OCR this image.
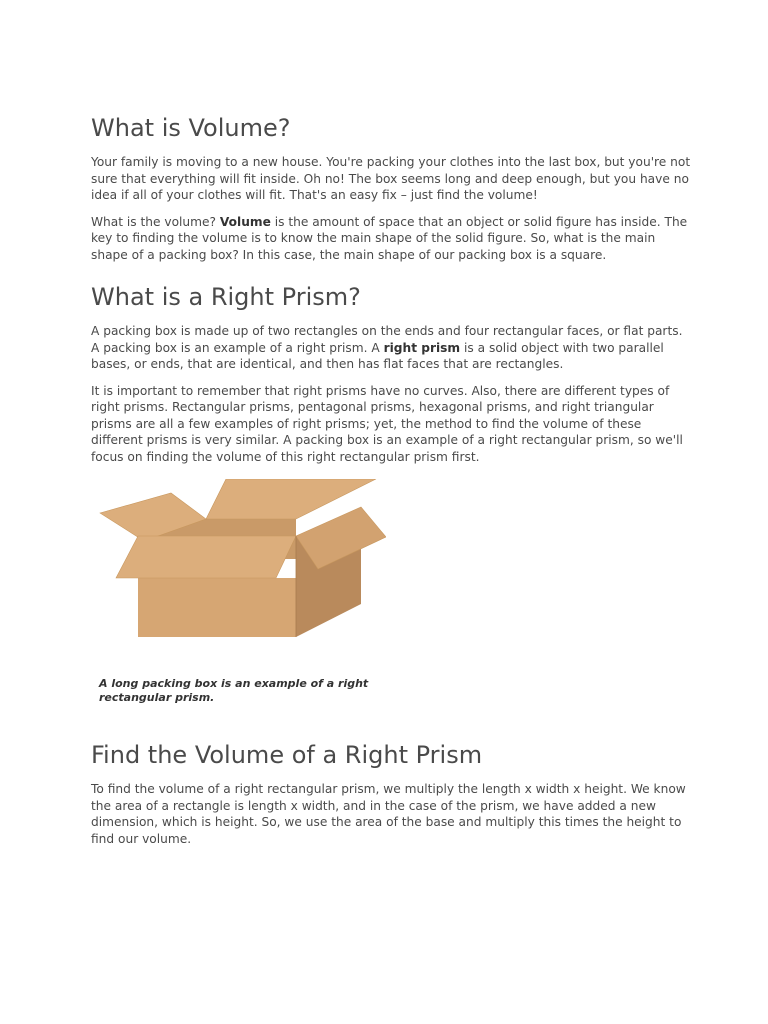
What is Volume?

Your family is moving to a new house. You're packing your clothes into the last box, but you're not sure that everything will fit inside. Oh no! The box seems long and deep enough, but you have no idea if all of your clothes will fit. That's an easy fix – just find the volume!

What is the volume? Volume is the amount of space that an object or solid figure has inside. The key to finding the volume is to know the main shape of the solid figure. So, what is the main shape of a packing box? In this case, the main shape of our packing box is a square.

What is a Right Prism?

A packing box is made up of two rectangles on the ends and four rectangular faces, or flat parts. A packing box is an example of a right prism. A right prism is a solid object with two parallel bases, or ends, that are identical, and then has flat faces that are rectangles.

It is important to remember that right prisms have no curves. Also, there are different types of right prisms. Rectangular prisms, pentagonal prisms, hexagonal prisms, and right triangular prisms are all a few examples of right prisms; yet, the method to find the volume of these different prisms is very similar. A packing box is an example of a right rectangular prism, so we'll focus on finding the volume of this right rectangular prism first.

A long packing box is an example of a right rectangular prism.
Find the Volume of a Right Prism

To find the volume of a right rectangular prism, we multiply the length x width x height. We know the area of a rectangle is length x width, and in the case of the prism, we have added a new dimension, which is height. So, we use the area of the base and multiply this times the height to find our volume.
